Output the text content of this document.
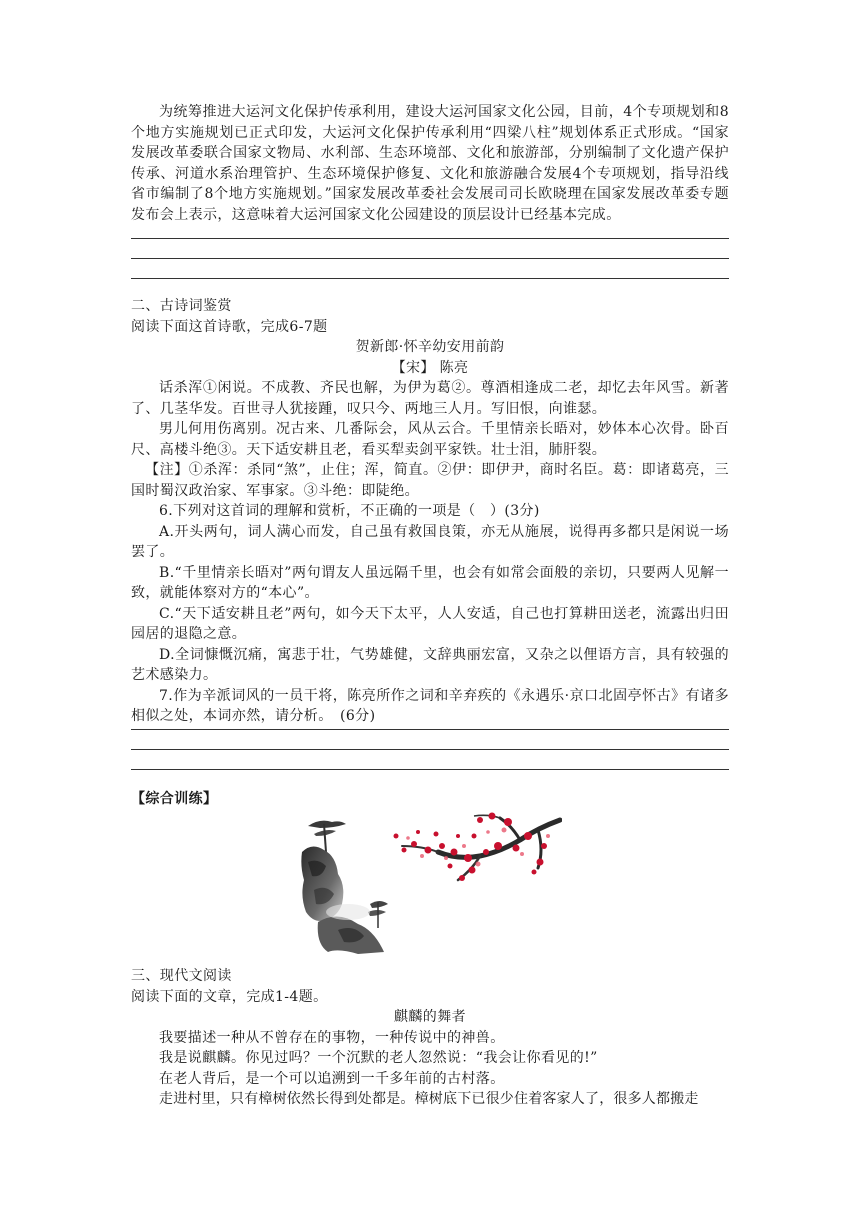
为统筹推进大运河文化保护传承利用，建设大运河国家文化公园，目前，4个专项规划和8个地方实施规划已正式印发，大运河文化保护传承利用“四梁八柱”规划体系正式形成。“国家发展改革委联合国家文物局、水利部、生态环境部、文化和旅游部，分别编制了文化遗产保护传承、河道水系治理管护、生态环境保护修复、文化和旅游融合发展4个专项规划，指导沿线省市编制了8个地方实施规划。”国家发展改革委社会发展司司长欧晓理在国家发展改革委专题发布会上表示，这意味着大运河国家文化公园建设的顶层设计已经基本完成。

二、古诗词鉴赏

阅读下面这首诗歌，完成6-7题

贺新郎·怀辛幼安用前韵

【宋】 陈亮

话杀浑①闲说。不成教、齐民也解，为伊为葛②。尊酒相逢成二老，却忆去年风雪。新著了、几茎华发。百世寻人犹接踵，叹只今、两地三人月。写旧恨，向谁瑟。

男儿何用伤离别。况古来、几番际会，风从云合。千里情亲长晤对，妙体本心次骨。卧百尺、高楼斗绝③。天下适安耕且老，看买犁卖剑平家铁。壮士泪，肺肝裂。

【注】①杀浑：杀同“煞”，止住；浑，简直。②伊：即伊尹，商时名臣。葛：即诸葛亮，三国时蜀汉政治家、军事家。③斗绝：即陡绝。

6.下列对这首词的理解和赏析，不正确的一项是（　）(3分)

A.开头两句，词人满心而发，自己虽有救国良策，亦无从施展，说得再多都只是闲说一场罢了。

B.“千里情亲长晤对”两句谓友人虽远隔千里，也会有如常会面般的亲切，只要两人见解一致，就能体察对方的“本心”。

C.“天下适安耕且老”两句，如今天下太平，人人安适，自己也打算耕田送老，流露出归田园居的退隐之意。

D.全词慷慨沉痛，寓悲于壮，气势雄健，文辞典丽宏富，又杂之以俚语方言，具有较强的艺术感染力。

7.作为辛派词风的一员干将，陈亮所作之词和辛弃疾的《永遇乐·京口北固亭怀古》有诸多相似之处，本词亦然，请分析。　(6分)

【综合训练】

三、现代文阅读

阅读下面的文章，完成1-4题。

麒麟的舞者

我要描述一种从不曾存在的事物，一种传说中的神兽。

我是说麒麟。你见过吗？一个沉默的老人忽然说：“我会让你看见的!”

在老人背后，是一个可以追溯到一千多年前的古村落。

走进村里，只有樟树依然长得到处都是。樟树底下已很少住着客家人了，很多人都搬走
